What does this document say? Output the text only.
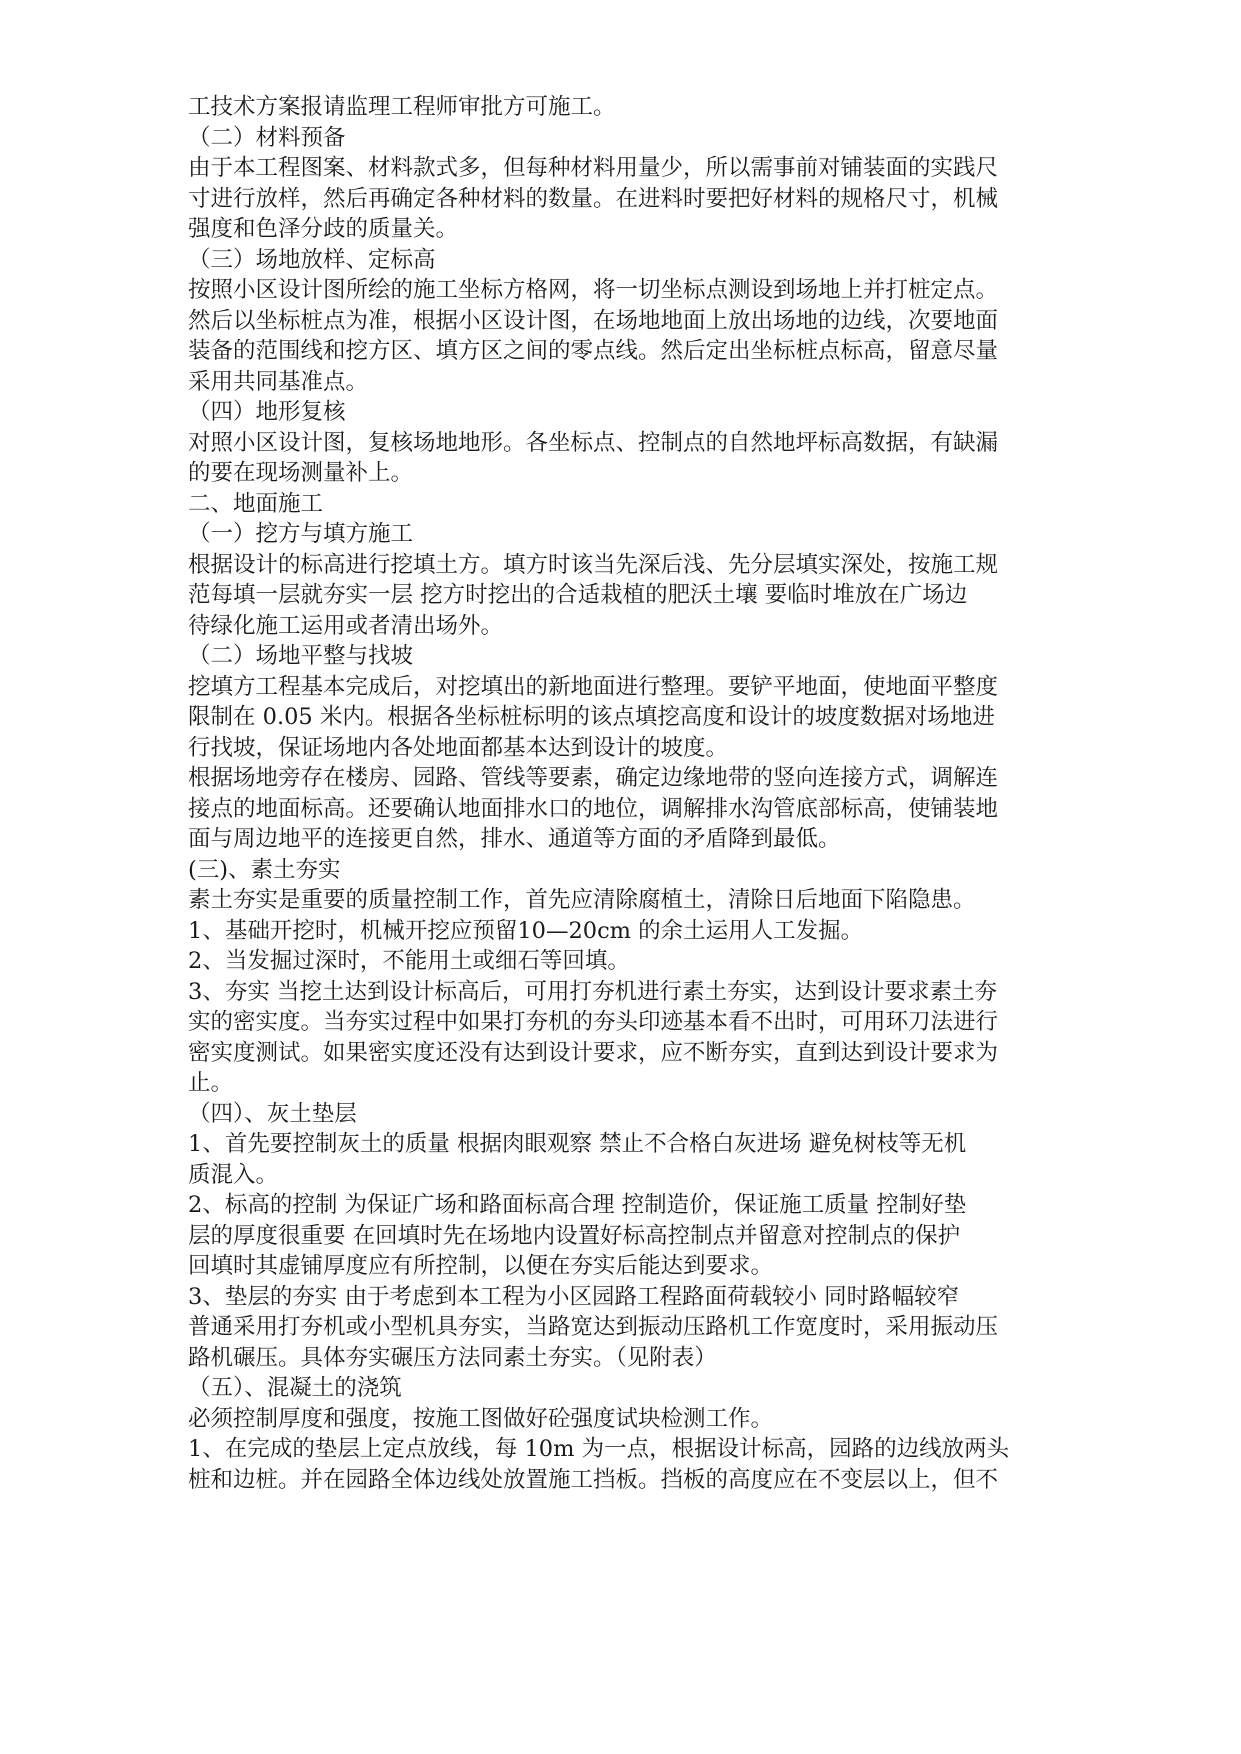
工技术方案报请监理工程师审批方可施工。
（二）材料预备
由于本工程图案、材料款式多，但每种材料用量少，所以需事前对铺装面的实践尺
寸进行放样，然后再确定各种材料的数量。在进料时要把好材料的规格尺寸，机械
强度和色泽分歧的质量关。
（三）场地放样、定标高
按照小区设计图所绘的施工坐标方格网，将一切坐标点测设到场地上并打桩定点。
然后以坐标桩点为准，根据小区设计图，在场地地面上放出场地的边线，次要地面
装备的范围线和挖方区、填方区之间的零点线。然后定出坐标桩点标高，留意尽量
采用共同基准点。
（四）地形复核
对照小区设计图，复核场地地形。各坐标点、控制点的自然地坪标高数据，有缺漏
的要在现场测量补上。
二、地面施工
（一）挖方与填方施工
根据设计的标高进行挖填土方。填方时该当先深后浅、先分层填实深处，按施工规
范每填一层就夯实一层 挖方时挖出的合适栽植的肥沃土壤 要临时堆放在广场边
待绿化施工运用或者清出场外。
（二）场地平整与找坡
挖填方工程基本完成后，对挖填出的新地面进行整理。要铲平地面，使地面平整度
限制在 0.05 米内。根据各坐标桩标明的该点填挖高度和设计的坡度数据对场地进
行找坡，保证场地内各处地面都基本达到设计的坡度。
根据场地旁存在楼房、园路、管线等要素，确定边缘地带的竖向连接方式，调解连
接点的地面标高。还要确认地面排水口的地位，调解排水沟管底部标高，使铺装地
面与周边地平的连接更自然，排水、通道等方面的矛盾降到最低。
(三)、素土夯实
素土夯实是重要的质量控制工作，首先应清除腐植土，清除日后地面下陷隐患。
1、基础开挖时，机械开挖应预留10—20cm 的余土运用人工发掘。
2、当发掘过深时，不能用土或细石等回填。
3、夯实 当挖土达到设计标高后，可用打夯机进行素土夯实，达到设计要求素土夯
实的密实度。当夯实过程中如果打夯机的夯头印迹基本看不出时，可用环刀法进行
密实度测试。如果密实度还没有达到设计要求，应不断夯实，直到达到设计要求为
止。
（四）、灰土垫层
1、首先要控制灰土的质量 根据肉眼观察 禁止不合格白灰进场 避免树枝等无机
质混入。
2、标高的控制 为保证广场和路面标高合理 控制造价，保证施工质量 控制好垫
层的厚度很重要 在回填时先在场地内设置好标高控制点并留意对控制点的保护
回填时其虚铺厚度应有所控制，以便在夯实后能达到要求。
3、垫层的夯实 由于考虑到本工程为小区园路工程路面荷载较小 同时路幅较窄
普通采用打夯机或小型机具夯实，当路宽达到振动压路机工作宽度时，采用振动压
路机碾压。具体夯实碾压方法同素土夯实。（见附表）
（五）、混凝土的浇筑
必须控制厚度和强度，按施工图做好砼强度试块检测工作。
1、在完成的垫层上定点放线，每 10m 为一点，根据设计标高，园路的边线放两头
桩和边桩。并在园路全体边线处放置施工挡板。挡板的高度应在不变层以上，但不
